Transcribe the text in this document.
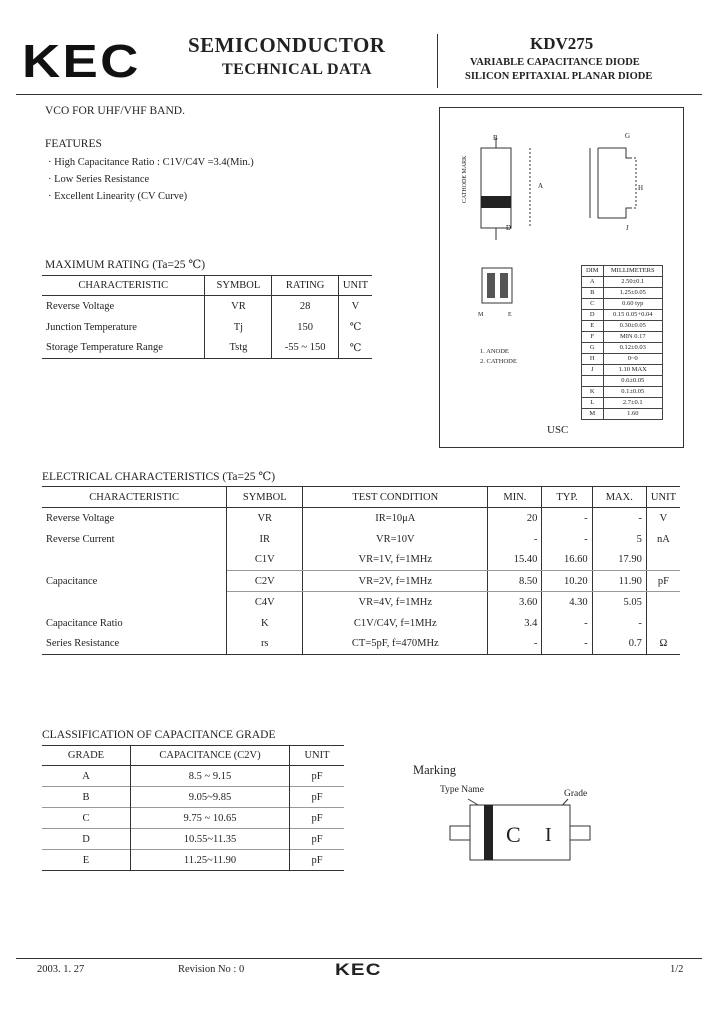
KEC SEMICONDUCTOR
TECHNICAL DATA
KDV275
VARIABLE CAPACITANCE DIODE
SILICON EPITAXIAL PLANAR DIODE
VCO FOR UHF/VHF BAND.
FEATURES
· High Capacitance Ratio : C1V/C4V =3.4(Min.)
· Low Series Resistance
· Excellent Linearity (CV Curve)
MAXIMUM RATING (Ta=25 ℃)
CHARACTERISTIC	SYMBOL	RATING	UNIT
Reverse Voltage	VR	28	V
Junction Temperature	Tj	150	℃
Storage Temperature Range	Tstg	-55 ~ 150	℃
CATHODE MARK
B
A
G
H
D	J
M	E
1. ANODE
2. CATHODE
DIM	MILLIMETERS
A	2.50±0.1
B	1.25±0.05
C	0.60 typ
D	0.15 0.05+0.04
E	0.30±0.05
F	MIN 0.17
G	0.12±0.03
H	0~0
J	1.10 MAX
	0.6±0.05
K	0.1±0.05
L	2.7±0.1
M	1.60
USC
ELECTRICAL CHARACTERISTICS (Ta=25 ℃)
CHARACTERISTIC	SYMBOL	TEST CONDITION	MIN.	TYP.	MAX.	UNIT
Reverse Voltage	VR	IR=10μA	20	-	-	V
Reverse Current	IR	VR=10V	-	-	5	nA
	C1V	VR=1V, f=1MHz	15.40	16.60	17.90	
Capacitance	C2V	VR=2V, f=1MHz	8.50	10.20	11.90	pF
	C4V	VR=4V, f=1MHz	3.60	4.30	5.05	
Capacitance Ratio	K	C1V/C4V, f=1MHz	3.4	-	-	
Series Resistance	rs	CT=5pF, f=470MHz	-	-	0.7	Ω
CLASSIFICATION OF CAPACITANCE GRADE
GRADE	CAPACITANCE (C2V)	UNIT
A	8.5 ~ 9.15	pF
B	9.05~9.85	pF
C	9.75 ~ 10.65	pF
D	10.55~11.35	pF
E	11.25~11.90	pF
Marking
Type Name	Grade
C I
2003. 1. 27	Revision No : 0	KEC	1/2
